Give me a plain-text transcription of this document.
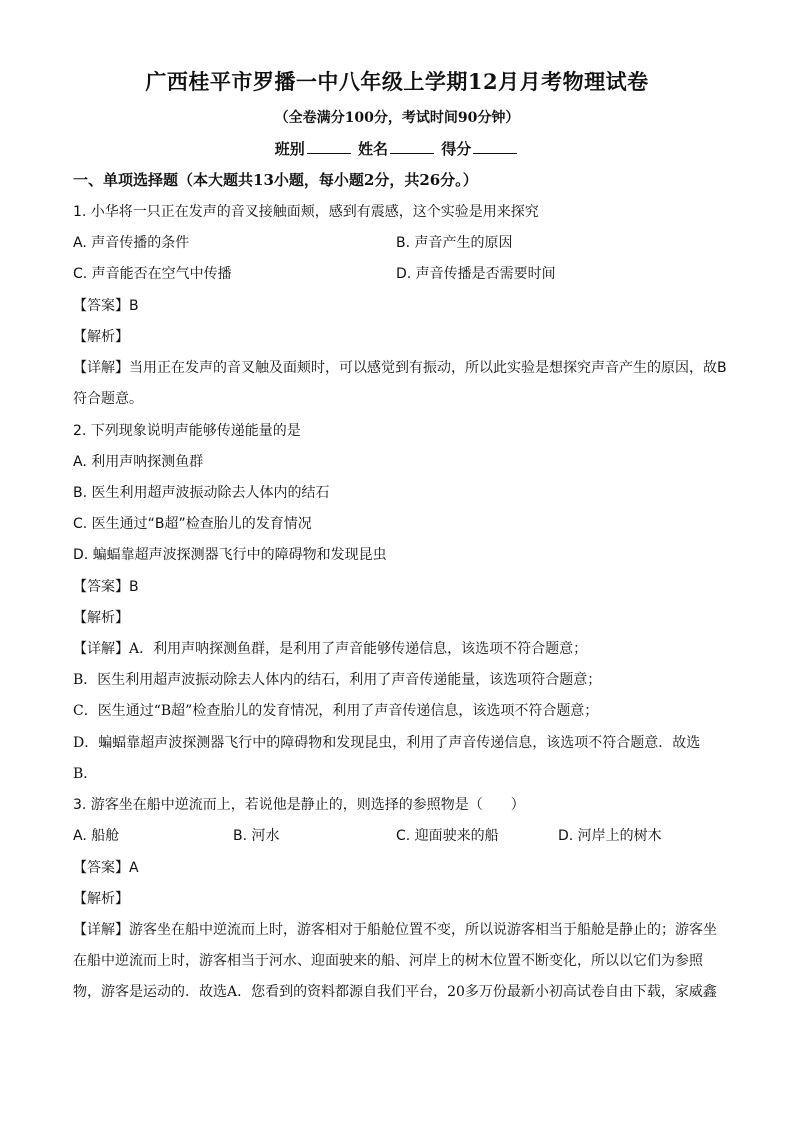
广西桂平市罗播一中八年级上学期12月月考物理试卷
（全卷满分100分，考试时间90分钟）
班别	姓名	得分
一、单项选择题（本大题共13小题，每小题2分，共26分。）
1. 小华将一只正在发声的音叉接触面颊，感到有震感，这个实验是用来探究
A. 声音传播的条件	B. 声音产生的原因
C. 声音能否在空气中传播	D. 声音传播是否需要时间
【答案】B
【解析】
【详解】当用正在发声的音叉触及面颊时，可以感觉到有振动，所以此实验是想探究声音产生的原因，故B
符合题意。
2. 下列现象说明声能够传递能量的是
A. 利用声呐探测鱼群
B. 医生利用超声波振动除去人体内的结石
C. 医生通过“B超”检查胎儿的发育情况
D. 蝙蝠靠超声波探测器飞行中的障碍物和发现昆虫
【答案】B
【解析】
【详解】A．利用声呐探测鱼群，是利用了声音能够传递信息，该选项不符合题意；
B．医生利用超声波振动除去人体内的结石，利用了声音传递能量，该选项符合题意；
C．医生通过“B超”检查胎儿的发育情况，利用了声音传递信息，该选项不符合题意；
D．蝙蝠靠超声波探测器飞行中的障碍物和发现昆虫，利用了声音传递信息，该选项不符合题意．故选
B．
3. 游客坐在船中逆流而上，若说他是静止的，则选择的参照物是（　　）
A. 船舱	B. 河水	C. 迎面驶来的船	D. 河岸上的树木
【答案】A
【解析】
【详解】游客坐在船中逆流而上时，游客相对于船舱位置不变，所以说游客相当于船舱是静止的；游客坐
在船中逆流而上时，游客相当于河水、迎面驶来的船、河岸上的树木位置不断变化，所以以它们为参照
物，游客是运动的．故选A．您看到的资料都源自我们平台，20多万份最新小初高试卷自由下载，家威鑫
